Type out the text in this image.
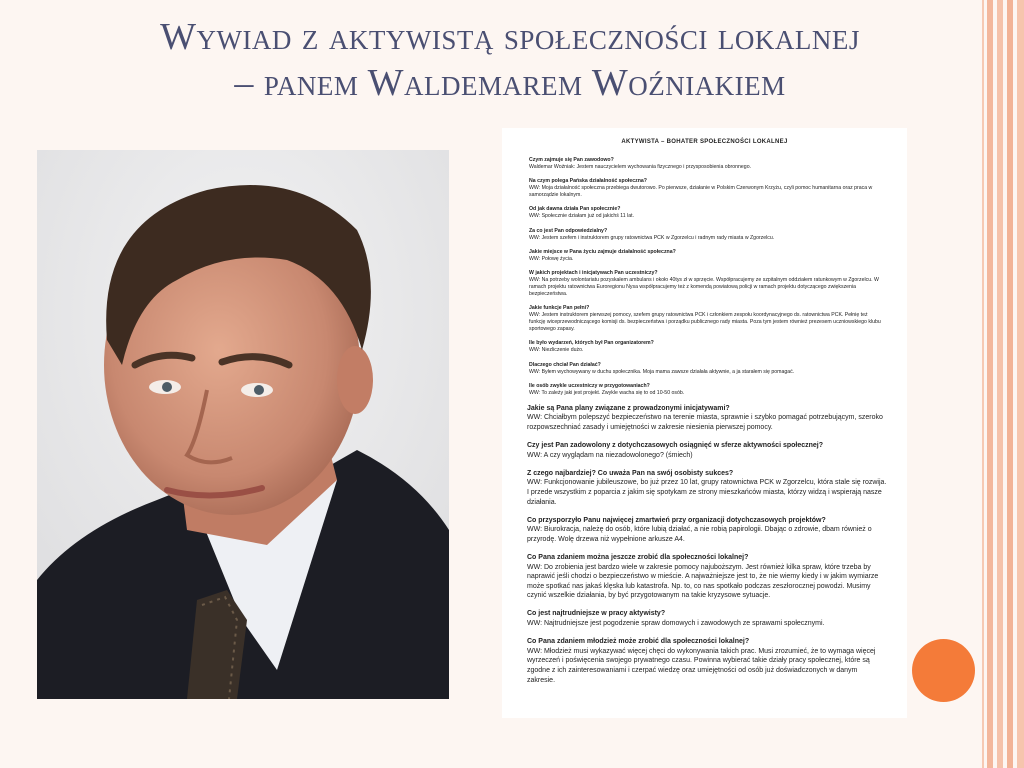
Wywiad z aktywistą społeczności lokalnej
– panem Waldemarem Woźniakiem
AKTYWISTA – BOHATER SPOŁECZNOŚCI LOKALNEJ
Czym zajmuje się Pan zawodowo?
Waldemar Woźniak: Jestem nauczycielem wychowania fizycznego i przysposobienia obronnego.
Na czym polega Pańska działalność społeczna?
WW: Moja działalność społeczna przebiega dwutorowo. Po pierwsze, działanie w Polskim Czerwonym Krzyżu, czyli pomoc humanitarna oraz praca w samorządzie lokalnym.
Od jak dawna działa Pan społecznie?
WW: Społecznie działam już od jakichś 11 lat.
Za co jest Pan odpowiedzialny?
WW: Jestem szefem i instruktorem grupy ratownictwa PCK w Zgorzelcu i radnym rady miasta w Zgorzelcu.
Jakie miejsce w Pana życiu zajmuje działalność społeczna?
WW: Połowę życia.
W jakich projektach i inicjatywach Pan uczestniczy?
WW: Na potrzeby wolontariatu pozyskałem ambulans i około 40tys zł w sprzęcie. Współpracujemy ze szpitalnym oddziałem ratunkowym w Zgorzelcu. W ramach projektu ratownictwa Euroregionu Nysa współpracujemy też z komendą powiatową policji w ramach projektu dotyczącego zwiększenia bezpieczeństwa.
Jakie funkcje Pan pełni?
WW: Jestem instruktorem pierwszej pomocy, szefem grupy ratownictwa PCK i członkiem zespołu koordynacyjnego ds. ratownictwa PCK. Pełnię też funkcję wiceprzewodniczącego komisji ds. bezpieczeństwa i porządku publicznego rady miasta. Poza tym jestem również prezesem uczniowskiego klubu sportowego zapasy.
Ile było wydarzeń, których był Pan organizatorem?
WW: Niezliczenie dużo.
Dlaczego chciał Pan działać?
WW: Byłem wychowywany w duchu społecznika. Moja mama zawsze działała aktywnie, a ja starałem się pomagać.
Ile osób zwykle uczestniczy w przygotowaniach?
WW: To zależy jaki jest projekt. Zwykle wacha się to od 10-50 osób.
Jakie są Pana plany związane z prowadzonymi inicjatywami?
WW: Chciałbym polepszyć bezpieczeństwo na terenie miasta, sprawnie i szybko pomagać potrzebującym, szeroko rozpowszechniać zasady i umiejętności w zakresie niesienia pierwszej pomocy.
Czy jest Pan zadowolony z dotychczasowych osiągnięć w sferze aktywności społecznej?
WW: A czy wyglądam na niezadowolonego? (śmiech)
Z czego najbardziej? Co uważa Pan na swój osobisty sukces?
WW: Funkcjonowanie jubileuszowe, bo już przez 10 lat, grupy ratownictwa PCK w Zgorzelcu, która stale się rozwija. I przede wszystkim z poparcia z jakim się spotykam ze strony mieszkańców miasta, którzy widzą i wspierają nasze działania.
Co przysporzyło Panu najwięcej zmartwień przy organizacji dotychczasowych projektów?
WW: Biurokracja, należę do osób, które lubią działać, a nie robią papirologii. Dbając o zdrowie, dbam również o przyrodę. Wolę drzewa niż wypełnione arkusze A4.
Co Pana zdaniem można jeszcze zrobić dla społeczności lokalnej?
WW: Do zrobienia jest bardzo wiele w zakresie pomocy najuboższym. Jest również kilka spraw, które trzeba by naprawić jeśli chodzi o bezpieczeństwo w mieście. A najważniejsze jest to, że nie wiemy kiedy i w jakim wymiarze może spotkać nas jakaś klęska lub katastrofa. Np. to, co nas spotkało podczas zeszłorocznej powodzi. Musimy czynić wszelkie działania, by być przygotowanym na takie kryzysowe sytuacje.
Co jest najtrudniejsze w pracy aktywisty?
WW: Najtrudniejsze jest pogodzenie spraw domowych i zawodowych ze sprawami społecznymi.
Co Pana zdaniem młodzież może zrobić dla społeczności lokalnej?
WW: Młodzież musi wykazywać więcej chęci do wykonywania takich prac. Musi zrozumieć, że to wymaga więcej wyrzeczeń i poświęcenia swojego prywatnego czasu. Powinna wybierać takie działy pracy społecznej, które są zgodne z ich zainteresowaniami i czerpać wiedzę oraz umiejętności od osób już doświadczonych w danym zakresie.
